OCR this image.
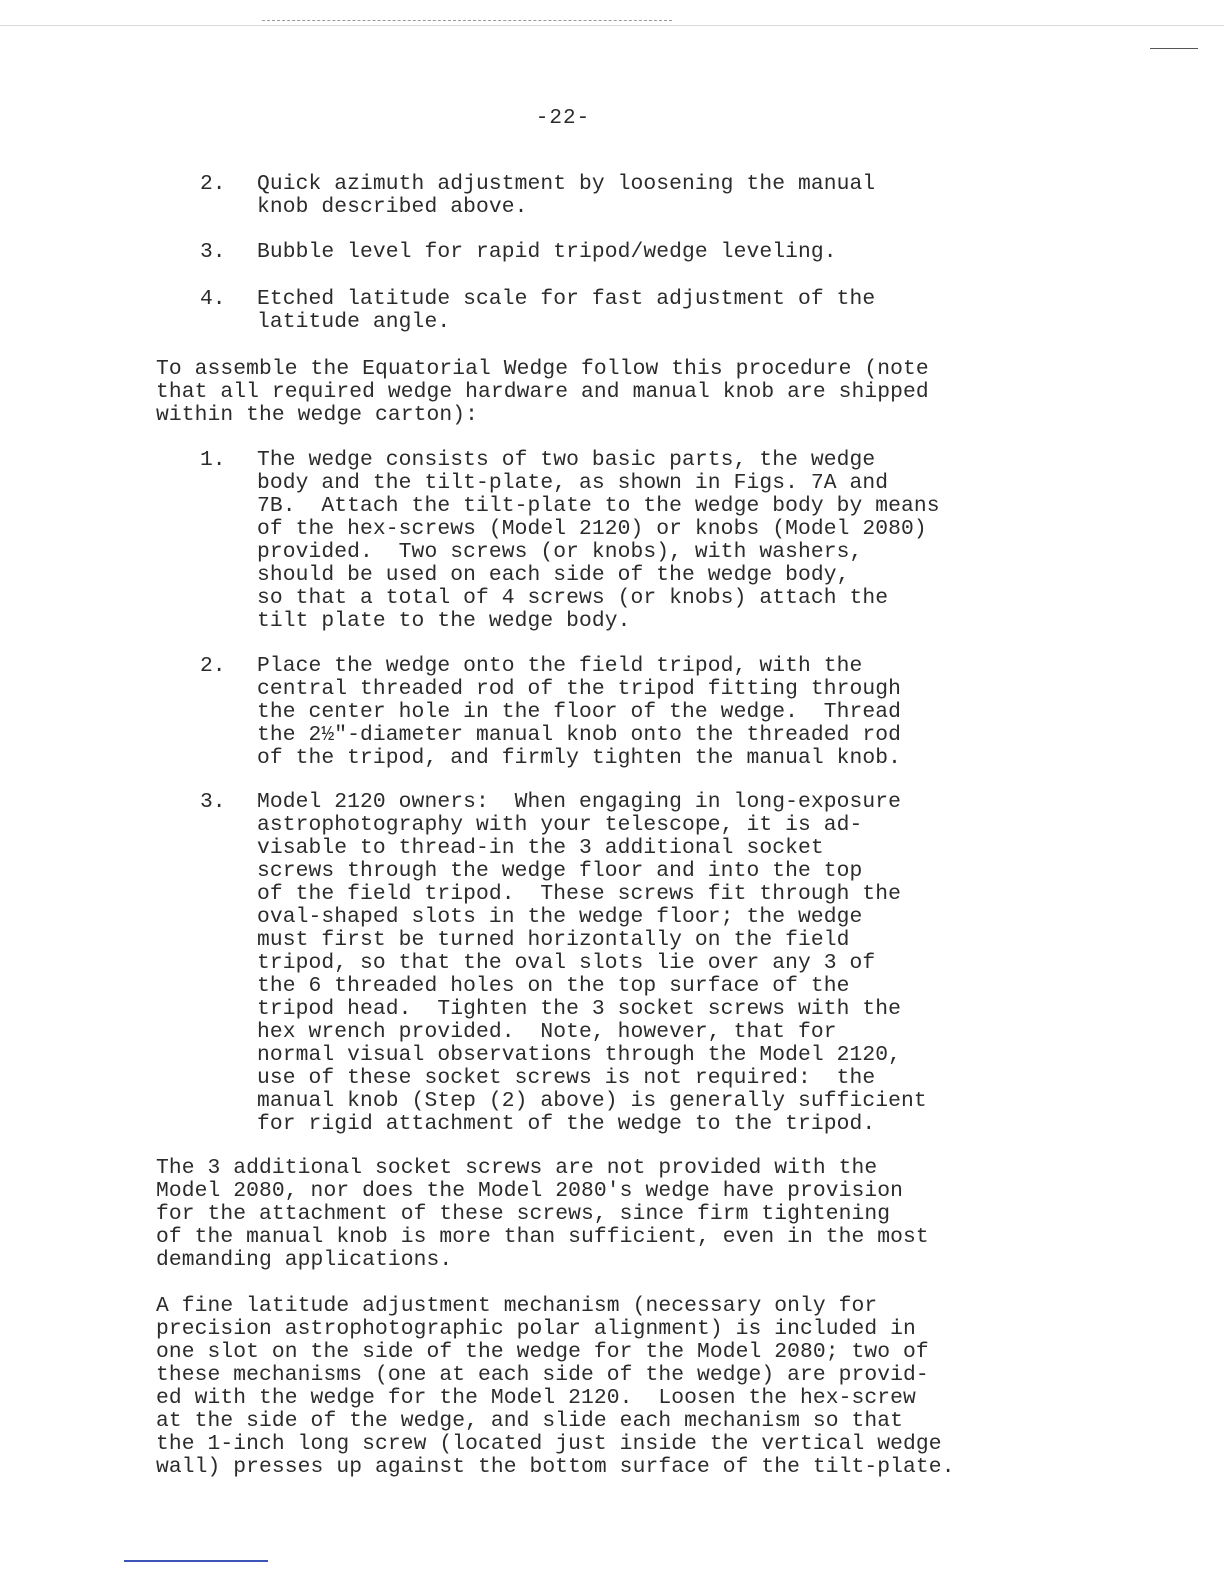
-22-
2. Quick azimuth adjustment by loosening the manual
knob described above.
3. Bubble level for rapid tripod/wedge leveling.
4. Etched latitude scale for fast adjustment of the
latitude angle.
To assemble the Equatorial Wedge follow this procedure (note
that all required wedge hardware and manual knob are shipped
within the wedge carton):
1. The wedge consists of two basic parts, the wedge
body and the tilt-plate, as shown in Figs. 7A and
7B.  Attach the tilt-plate to the wedge body by means
of the hex-screws (Model 2120) or knobs (Model 2080)
provided.  Two screws (or knobs), with washers,
should be used on each side of the wedge body,
so that a total of 4 screws (or knobs) attach the
tilt plate to the wedge body.
2. Place the wedge onto the field tripod, with the
central threaded rod of the tripod fitting through
the center hole in the floor of the wedge.  Thread
the 2½"-diameter manual knob onto the threaded rod
of the tripod, and firmly tighten the manual knob.
3. Model 2120 owners:  When engaging in long-exposure
astrophotography with your telescope, it is ad-
visable to thread-in the 3 additional socket
screws through the wedge floor and into the top
of the field tripod.  These screws fit through the
oval-shaped slots in the wedge floor; the wedge
must first be turned horizontally on the field
tripod, so that the oval slots lie over any 3 of
the 6 threaded holes on the top surface of the
tripod head.  Tighten the 3 socket screws with the
hex wrench provided.  Note, however, that for
normal visual observations through the Model 2120,
use of these socket screws is not required:  the
manual knob (Step (2) above) is generally sufficient
for rigid attachment of the wedge to the tripod.
The 3 additional socket screws are not provided with the
Model 2080, nor does the Model 2080's wedge have provision
for the attachment of these screws, since firm tightening
of the manual knob is more than sufficient, even in the most
demanding applications.
A fine latitude adjustment mechanism (necessary only for
precision astrophotographic polar alignment) is included in
one slot on the side of the wedge for the Model 2080; two of
these mechanisms (one at each side of the wedge) are provid-
ed with the wedge for the Model 2120.  Loosen the hex-screw
at the side of the wedge, and slide each mechanism so that
the 1-inch long screw (located just inside the vertical wedge
wall) presses up against the bottom surface of the tilt-plate.
